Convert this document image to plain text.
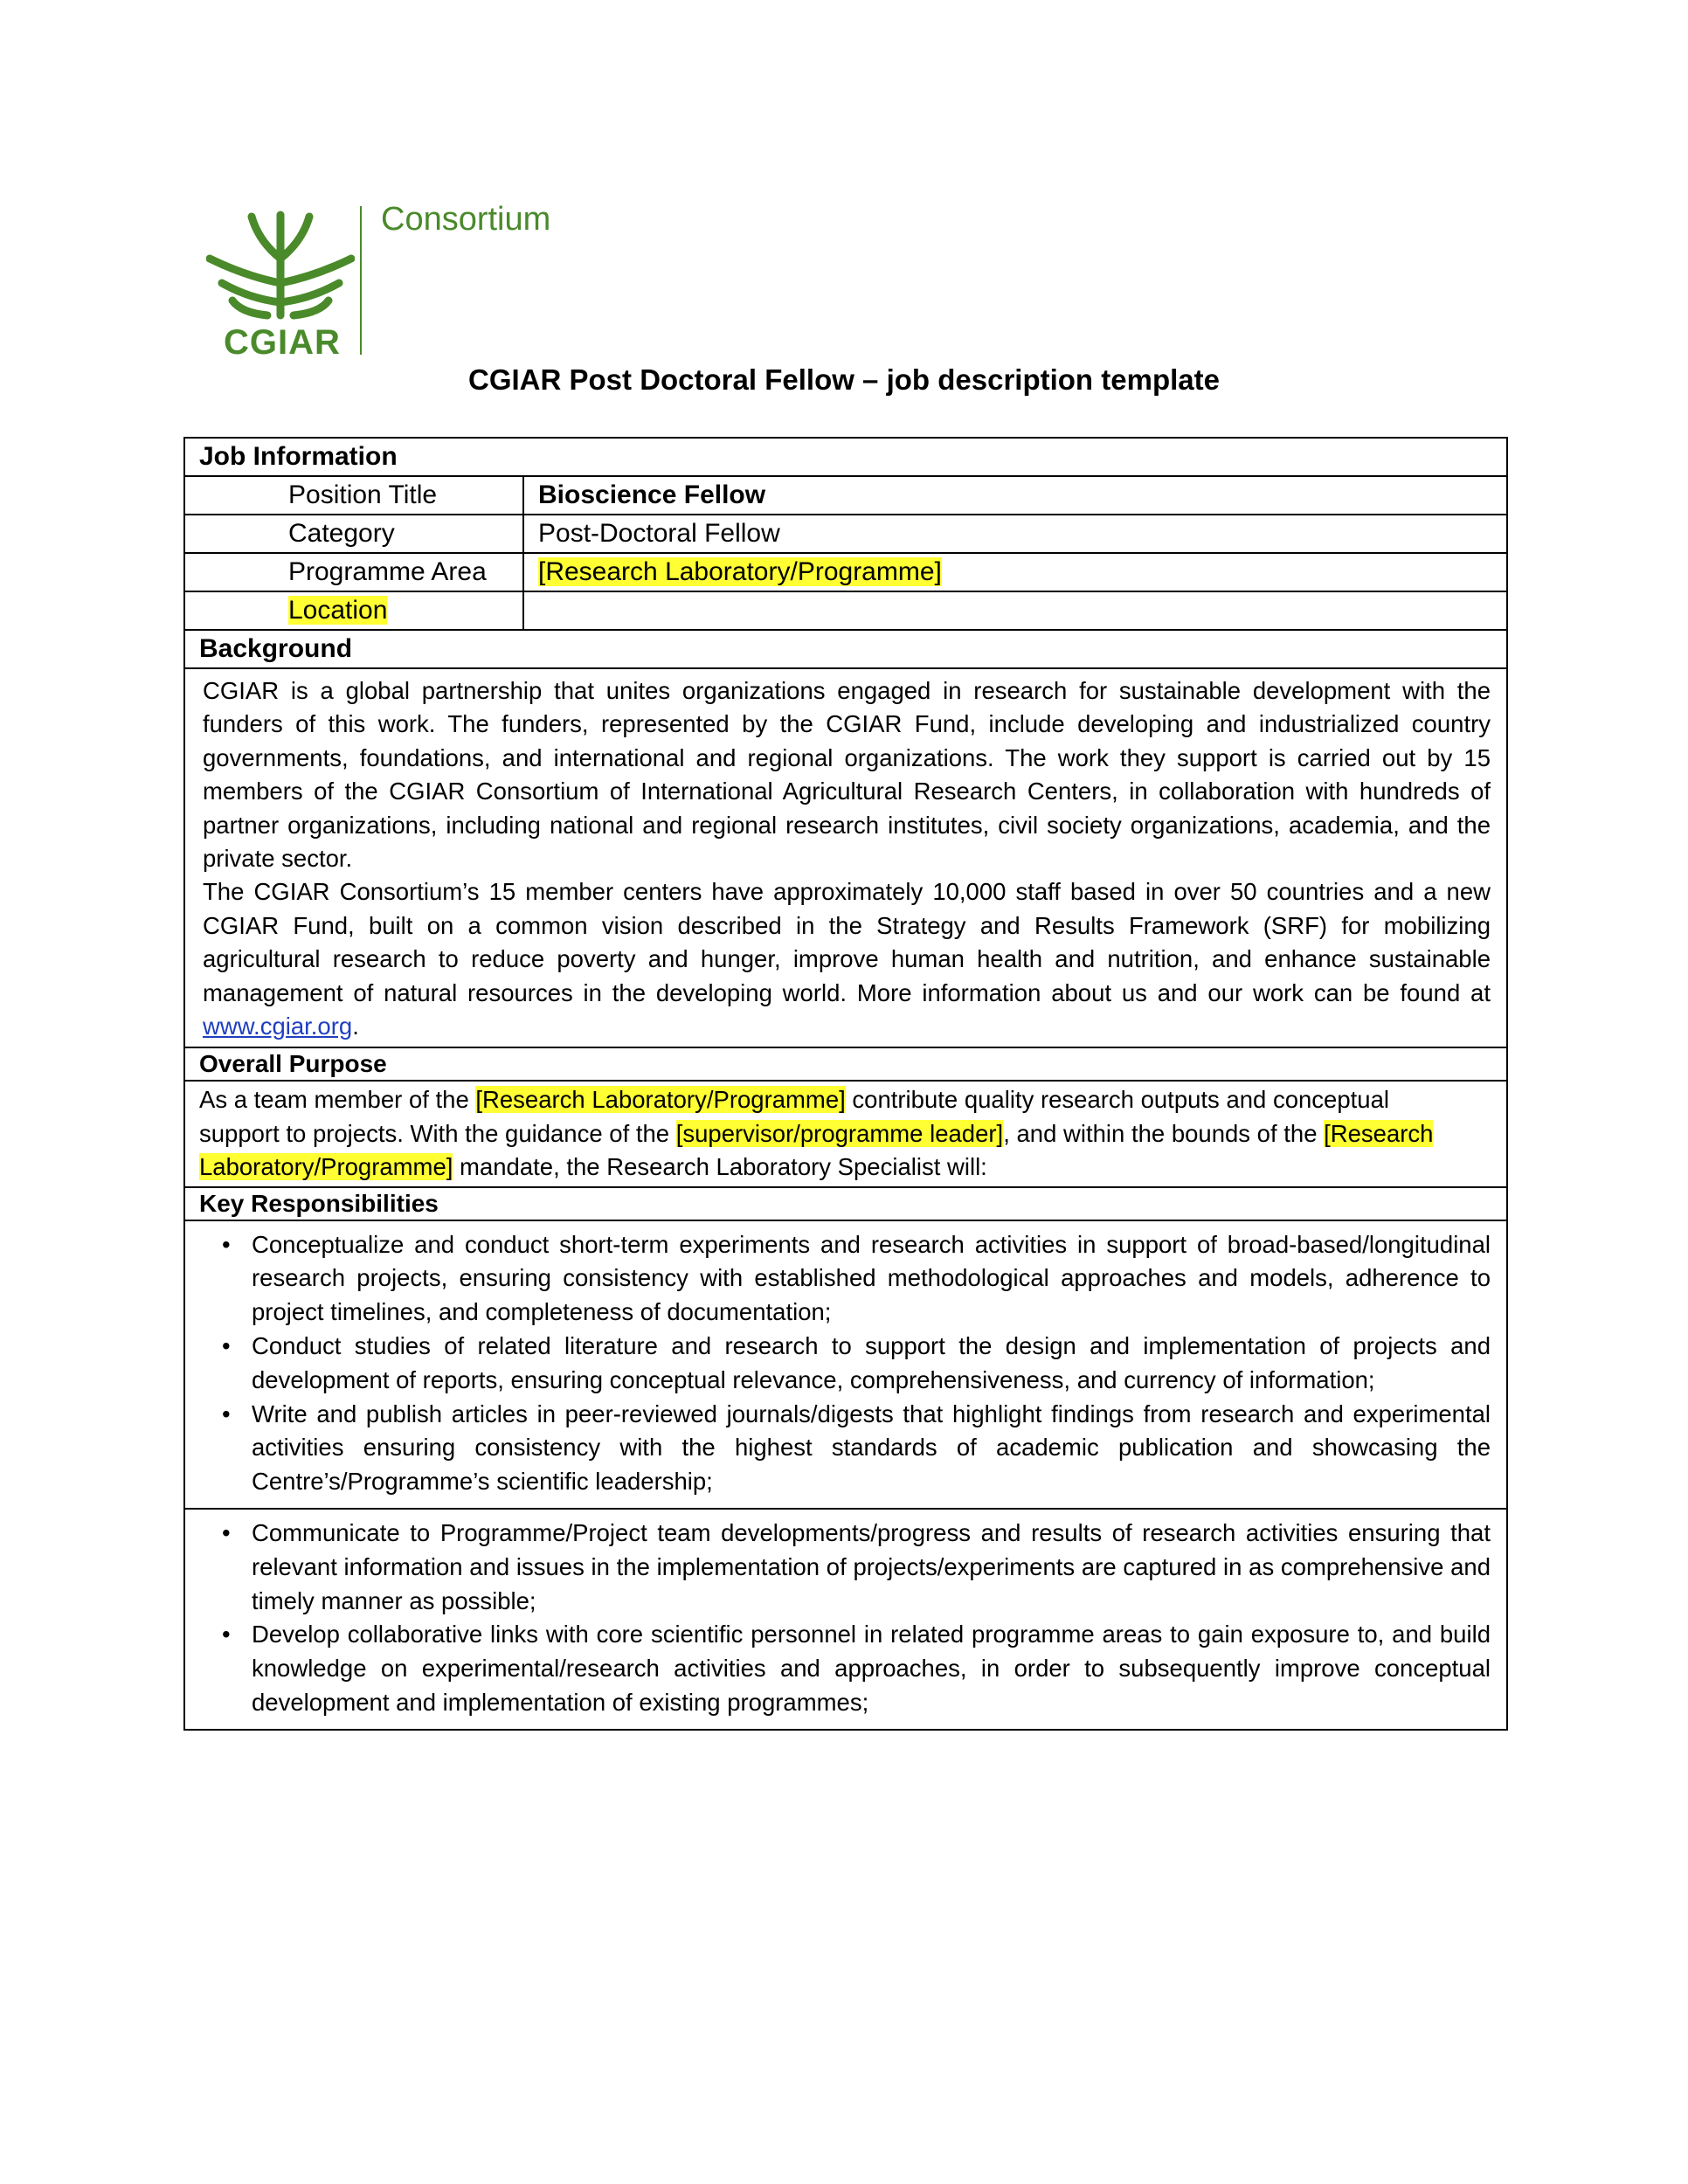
CGIAR
Consortium
CGIAR Post Doctoral Fellow – job description template
Job Information
Position Title	Bioscience Fellow
Category	Post-Doctoral Fellow
Programme Area	[Research Laboratory/Programme]
Location
Background

CGIAR is a global partnership that unites organizations engaged in research for sustainable development with the funders of this work. The funders, represented by the CGIAR Fund, include developing and industrialized country governments, foundations, and international and regional organizations. The work they support is carried out by 15 members of the CGIAR Consortium of International Agricultural Research Centers, in collaboration with hundreds of partner organizations, including national and regional research institutes, civil society organizations, academia, and the private sector.

The CGIAR Consortium’s 15 member centers have approximately 10,000 staff based in over 50 countries and a new CGIAR Fund, built on a common vision described in the Strategy and Results Framework (SRF) for mobilizing agricultural research to reduce poverty and hunger, improve human health and nutrition, and enhance sustainable management of natural resources in the developing world. More information about us and our work can be found at www.cgiar.org.

Overall Purpose
As a team member of the [Research Laboratory/Programme] contribute quality research outputs and conceptual support to projects. With the guidance of the [supervisor/programme leader], and within the bounds of the [Research Laboratory/Programme] mandate, the Research Laboratory Specialist will:
Key Responsibilities
• Conceptualize and conduct short-term experiments and research activities in support of broad-based/longitudinal research projects, ensuring consistency with established methodological approaches and models, adherence to project timelines, and completeness of documentation;
• Conduct studies of related literature and research to support the design and implementation of projects and development of reports, ensuring conceptual relevance, comprehensiveness, and currency of information;
• Write and publish articles in peer-reviewed journals/digests that highlight findings from research and experimental activities ensuring consistency with the highest standards of academic publication and showcasing the Centre’s/Programme’s scientific leadership;
• Communicate to Programme/Project team developments/progress and results of research activities ensuring that relevant information and issues in the implementation of projects/experiments are captured in as comprehensive and timely manner as possible;
• Develop collaborative links with core scientific personnel in related programme areas to gain exposure to, and build knowledge on experimental/research activities and approaches, in order to subsequently improve conceptual development and implementation of existing programmes;
